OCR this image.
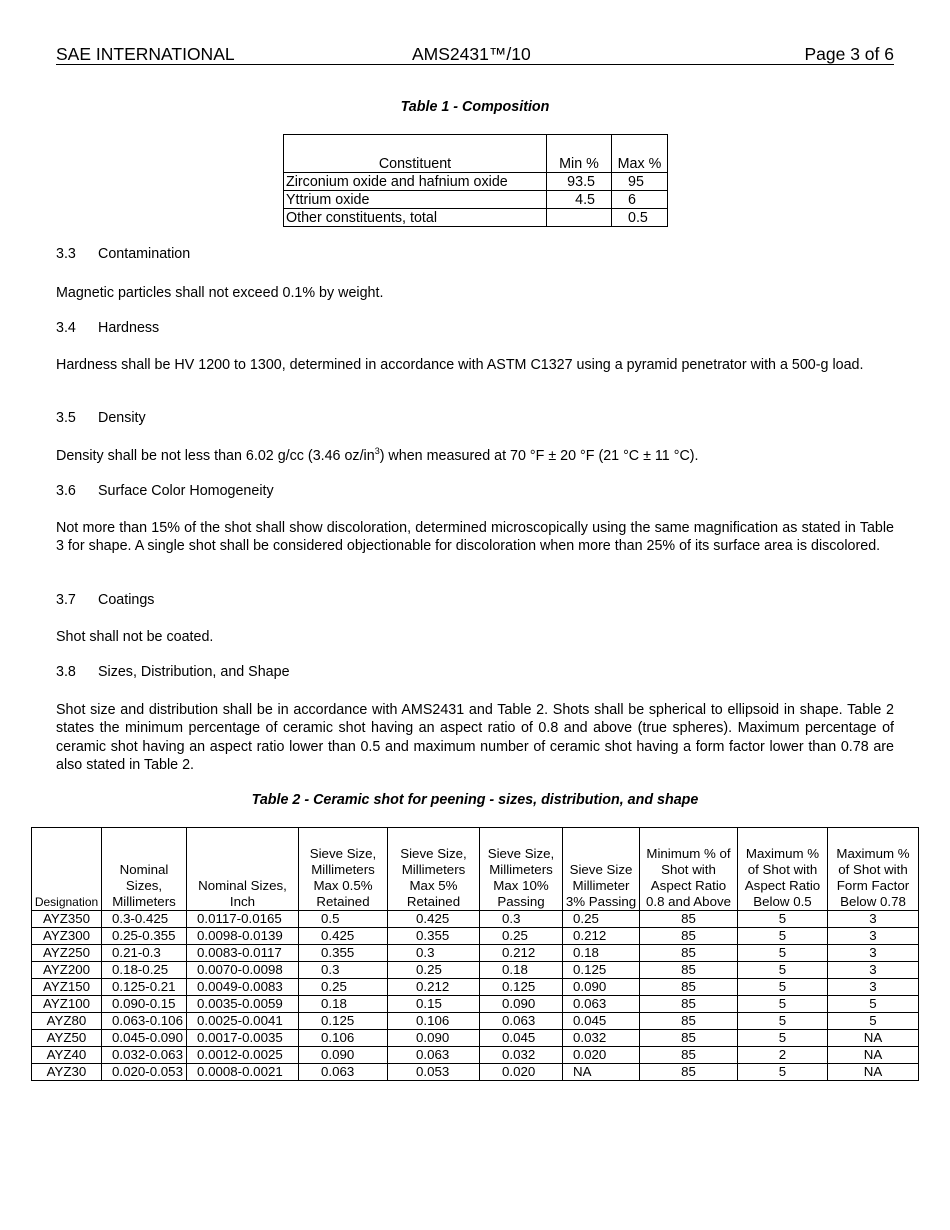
SAE INTERNATIONAL	AMS2431™/10	Page 3 of 6
Table 1 - Composition
Constituent	Min %	Max %
Zirconium oxide and hafnium oxide	93.5	95
Yttrium oxide	4.5	6
Other constituents, total		0.5
3.3 Contamination
Magnetic particles shall not exceed 0.1% by weight.
3.4 Hardness
Hardness shall be HV 1200 to 1300, determined in accordance with ASTM C1327 using a pyramid penetrator with a 500-g load.
3.5 Density
Density shall be not less than 6.02 g/cc (3.46 $oz/in^3$) when measured at 70 °F ± 20 °F (21 °C ± 11 °C).
3.6 Surface Color Homogeneity
Not more than 15% of the shot shall show discoloration, determined microscopically using the same magnification as stated in Table 3 for shape. A single shot shall be considered objectionable for discoloration when more than 25% of its surface area is discolored.
3.7 Coatings
Shot shall not be coated.
3.8 Sizes, Distribution, and Shape
Shot size and distribution shall be in accordance with AMS2431 and Table 2. Shots shall be spherical to ellipsoid in shape. Table 2 states the minimum percentage of ceramic shot having an aspect ratio of 0.8 and above (true spheres). Maximum percentage of ceramic shot having an aspect ratio lower than 0.5 and maximum number of ceramic shot having a form factor lower than 0.78 are also stated in Table 2.
Table 2 - Ceramic shot for peening - sizes, distribution, and shape
Designation	Nominal Sizes, Millimeters	Nominal Sizes, Inch	Sieve Size, Millimeters Max 0.5% Retained	Sieve Size, Millimeters Max 5% Retained	Sieve Size, Millimeters Max 10% Passing	Sieve Size Millimeter 3% Passing	Minimum % of Shot with Aspect Ratio 0.8 and Above	Maximum % of Shot with Aspect Ratio Below 0.5	Maximum % of Shot with Form Factor Below 0.78
AYZ350	0.3-0.425	0.0117-0.0165	0.5	0.425	0.3	0.25	85	5	3
AYZ300	0.25-0.355	0.0098-0.0139	0.425	0.355	0.25	0.212	85	5	3
AYZ250	0.21-0.3	0.0083-0.0117	0.355	0.3	0.212	0.18	85	5	3
AYZ200	0.18-0.25	0.0070-0.0098	0.3	0.25	0.18	0.125	85	5	3
AYZ150	0.125-0.21	0.0049-0.0083	0.25	0.212	0.125	0.090	85	5	3
AYZ100	0.090-0.15	0.0035-0.0059	0.18	0.15	0.090	0.063	85	5	5
AYZ80	0.063-0.106	0.0025-0.0041	0.125	0.106	0.063	0.045	85	5	5
AYZ50	0.045-0.090	0.0017-0.0035	0.106	0.090	0.045	0.032	85	5	NA
AYZ40	0.032-0.063	0.0012-0.0025	0.090	0.063	0.032	0.020	85	2	NA
AYZ30	0.020-0.053	0.0008-0.0021	0.063	0.053	0.020	NA	85	5	NA
